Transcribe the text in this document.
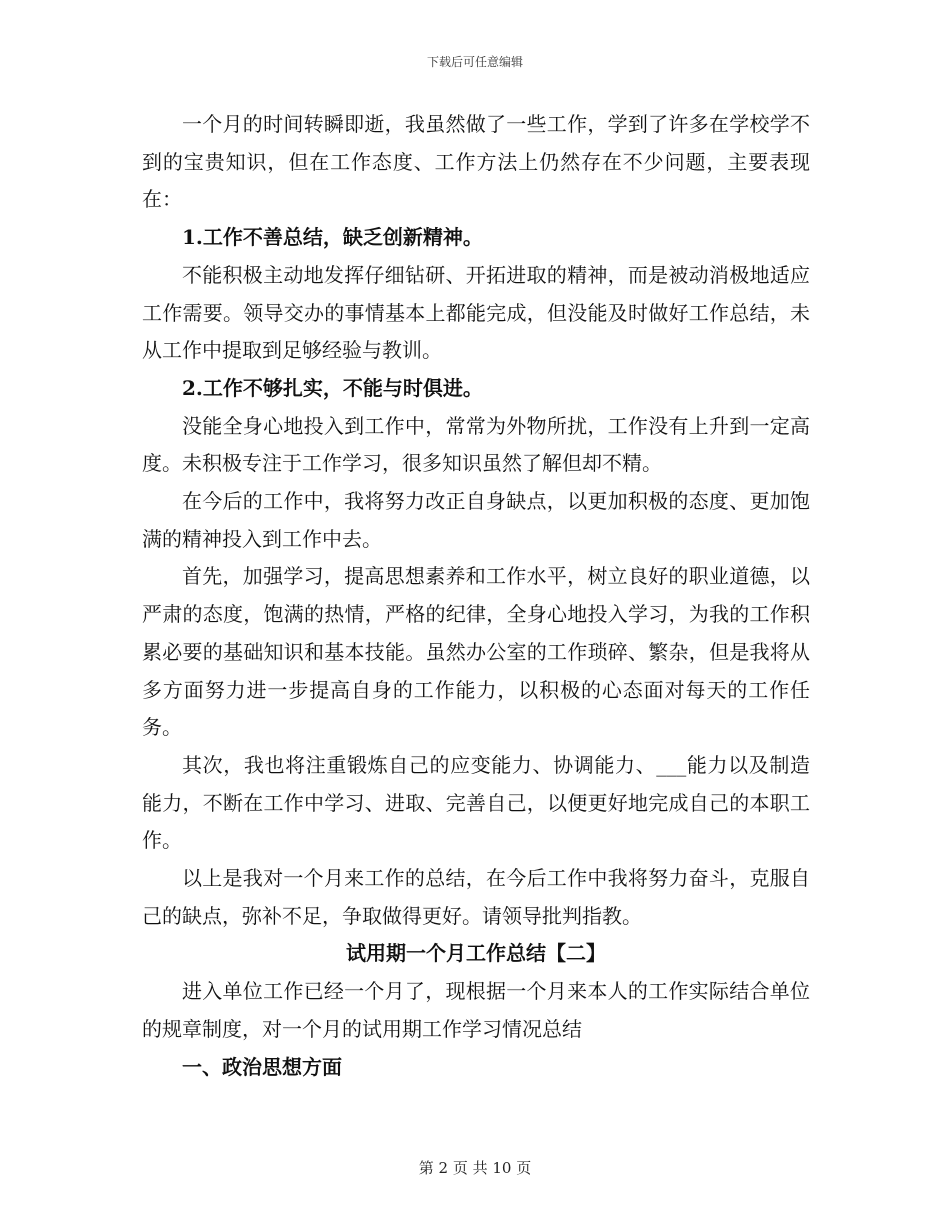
下载后可任意编辑

一个月的时间转瞬即逝，我虽然做了一些工作，学到了许多在学校学不到的宝贵知识，但在工作态度、工作方法上仍然存在不少问题，主要表现在：

1.工作不善总结，缺乏创新精神。

不能积极主动地发挥仔细钻研、开拓进取的精神，而是被动消极地适应工作需要。领导交办的事情基本上都能完成，但没能及时做好工作总结，未从工作中提取到足够经验与教训。

2.工作不够扎实，不能与时俱进。

没能全身心地投入到工作中，常常为外物所扰，工作没有上升到一定高度。未积极专注于工作学习，很多知识虽然了解但却不精。

在今后的工作中，我将努力改正自身缺点，以更加积极的态度、更加饱满的精神投入到工作中去。

首先，加强学习，提高思想素养和工作水平，树立良好的职业道德，以严肃的态度，饱满的热情，严格的纪律，全身心地投入学习，为我的工作积累必要的基础知识和基本技能。虽然办公室的工作琐碎、繁杂，但是我将从多方面努力进一步提高自身的工作能力，以积极的心态面对每天的工作任务。

其次，我也将注重锻炼自己的应变能力、协调能力、___能力以及制造能力，不断在工作中学习、进取、完善自己，以便更好地完成自己的本职工作。

以上是我对一个月来工作的总结，在今后工作中我将努力奋斗，克服自己的缺点，弥补不足，争取做得更好。请领导批判指教。

试用期一个月工作总结【二】

进入单位工作已经一个月了，现根据一个月来本人的工作实际结合单位的规章制度，对一个月的试用期工作学习情况总结

一、政治思想方面

第 2 页 共 10 页
